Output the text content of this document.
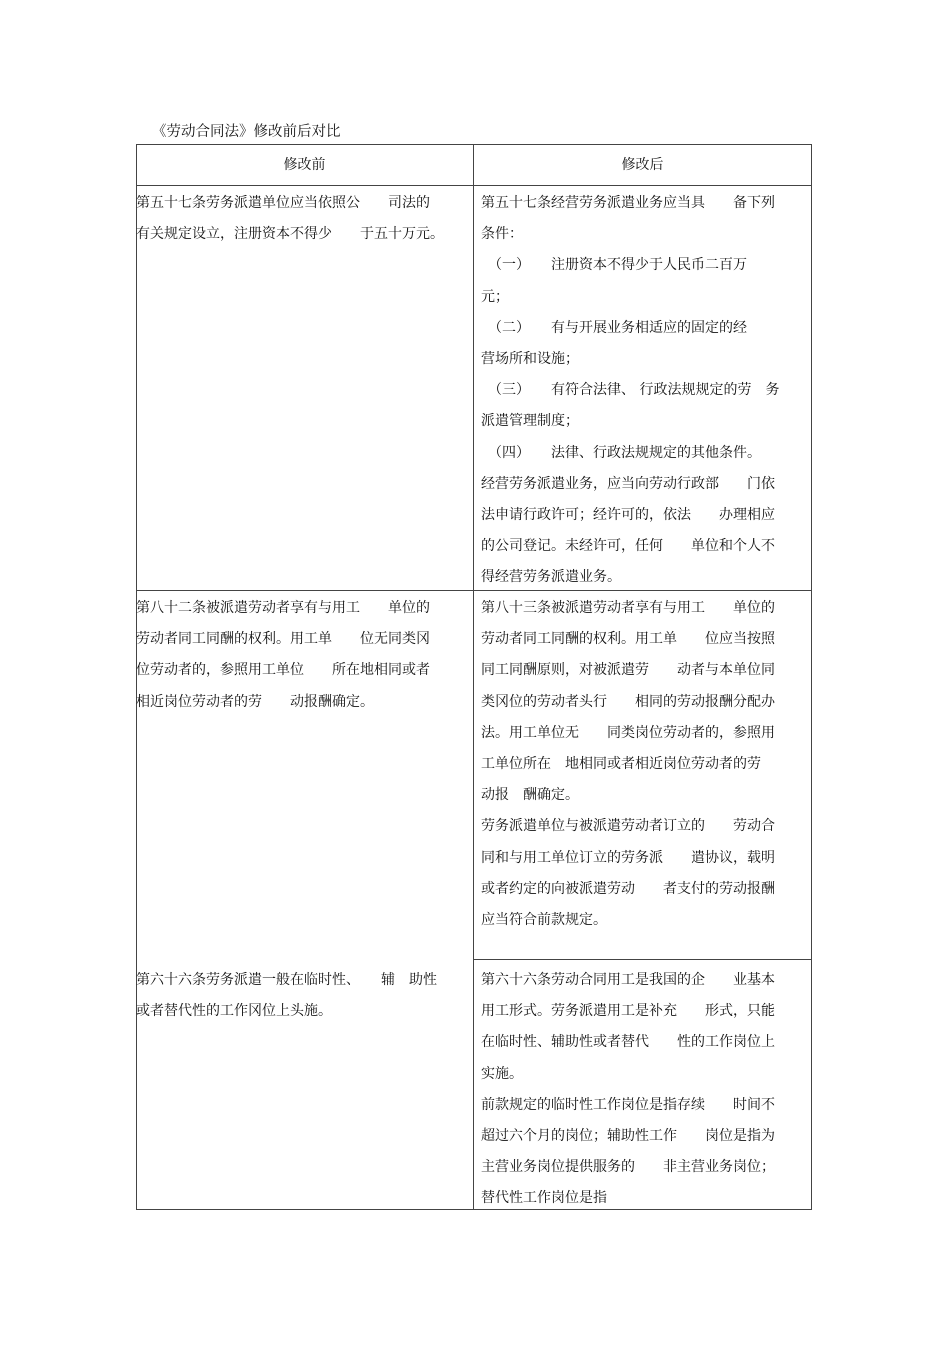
《劳动合同法》修改前后对比
修改前	修改后
第五十七条劳务派遣单位应当依照公　　司法的
有关规定设立，注册资本不得少　　于五十万元。
第五十七条经营劳务派遣业务应当具　　备下列
条件：
　（一）　　注册资本不得少于人民币二百万
元；
　（二）　　有与开展业务相适应的固定的经
营场所和设施；
　（三）　　有符合法律、 行政法规规定的劳　务
派遣管理制度；
　（四）　　法律、行政法规规定的其他条件。
经营劳务派遣业务，应当向劳动行政部　　门依
法申请行政许可；经许可的，依法　　办理相应
的公司登记。未经许可，任何　　单位和个人不
得经营劳务派遣业务。
第八十二条被派遣劳动者享有与用工　　单位的
劳动者同工同酬的权利。用工单　　位无同类冈
位劳动者的，参照用工单位　　所在地相同或者
相近岗位劳动者的劳　　动报酬确定。
第八十三条被派遣劳动者享有与用工　　单位的
劳动者同工同酬的权利。用工单　　位应当按照
同工同酬原则，对被派遣劳　　动者与本单位同
类冈位的劳动者头行　　相同的劳动报酬分配办
法。用工单位无　　同类岗位劳动者的，参照用
工单位所在　地相同或者相近岗位劳动者的劳
动报　酬确定。
劳务派遣单位与被派遣劳动者订立的　　劳动合
同和与用工单位订立的劳务派　　遣协议，载明
或者约定的向被派遣劳动　　者支付的劳动报酬
应当符合前款规定。
第六十六条劳务派遣一般在临时性、　　辅　助性
或者替代性的工作冈位上头施。
第六十六条劳动合同用工是我国的企　　业基本
用工形式。劳务派遣用工是补充　　形式，只能
在临时性、辅助性或者替代　　性的工作岗位上
实施。
前款规定的临时性工作岗位是指存续　　时间不
超过六个月的岗位；辅助性工作　　岗位是指为
主营业务岗位提供服务的　　非主营业务岗位；
替代性工作岗位是指
